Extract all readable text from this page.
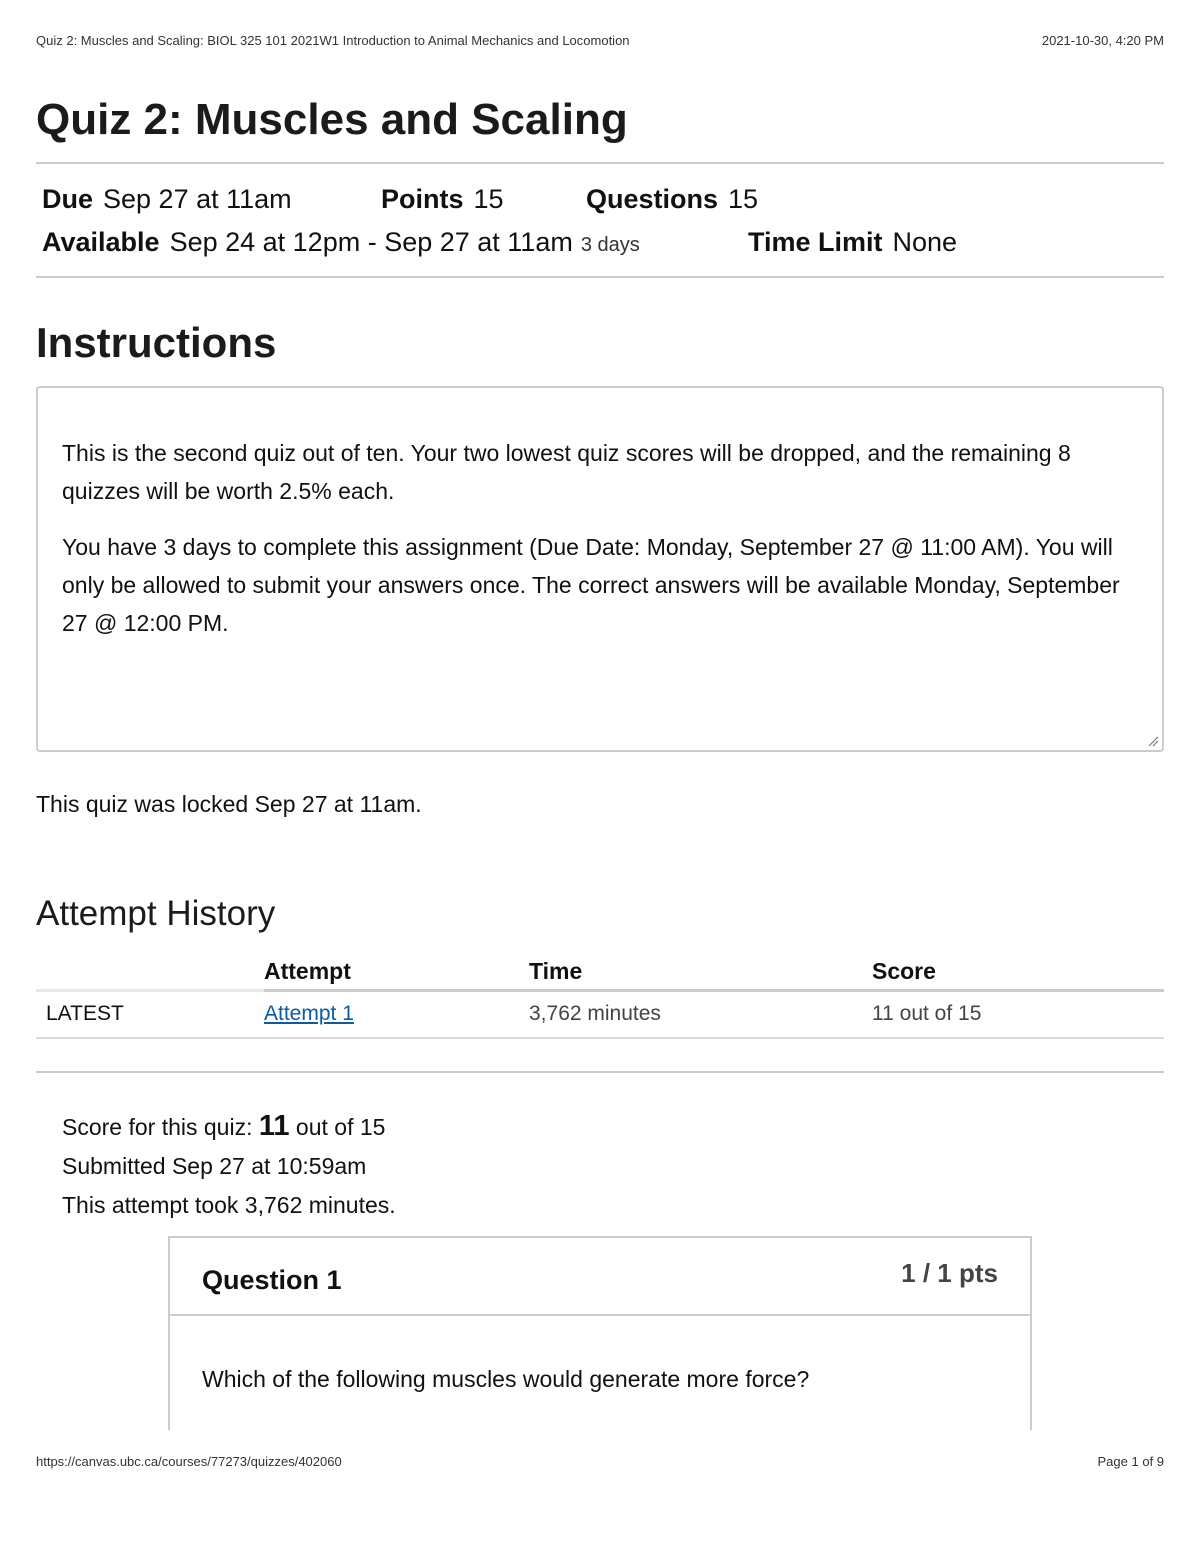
Quiz 2: Muscles and Scaling: BIOL 325 101 2021W1 Introduction to Animal Mechanics and Locomotion	2021-10-30, 4:20 PM
Quiz 2: Muscles and Scaling
Due Sep 27 at 11am	Points 15	Questions 15
Available Sep 24 at 12pm - Sep 27 at 11am 3 days	Time Limit None
Instructions

This is the second quiz out of ten. Your two lowest quiz scores will be dropped, and the remaining 8 quizzes will be worth 2.5% each.

You have 3 days to complete this assignment (Due Date: Monday, September 27 @ 11:00 AM). You will only be allowed to submit your answers once. The correct answers will be available Monday, September 27 @ 12:00 PM.

This quiz was locked Sep 27 at 11am.
Attempt History
	Attempt	Time	Score
LATEST	Attempt 1	3,762 minutes	11 out of 15
Score for this quiz: 11 out of 15
Submitted Sep 27 at 10:59am
This attempt took 3,762 minutes.
Question 1	1 / 1 pts
Which of the following muscles would generate more force?
https://canvas.ubc.ca/courses/77273/quizzes/402060	Page 1 of 9
